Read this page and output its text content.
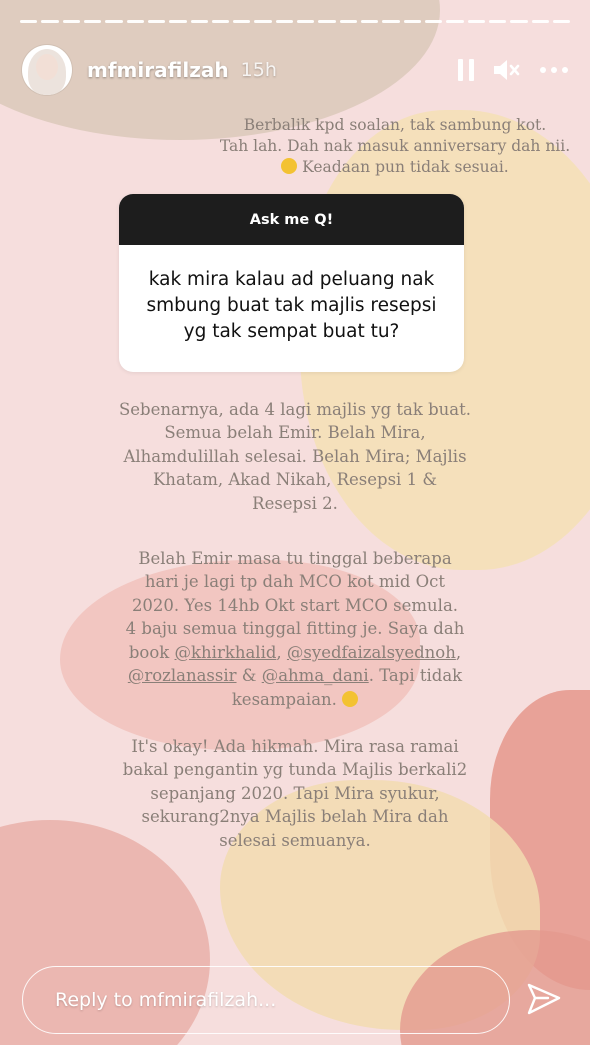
mfmirafilzah 15h
Berbalik kpd soalan, tak sambung kot.
Tah lah. Dah nak masuk anniversary dah nii.
Keadaan pun tidak sesuai.
Ask me Q!
kak mira kalau ad peluang nak
smbung buat tak majlis resepsi
yg tak sempat buat tu?
Sebenarnya, ada 4 lagi majlis yg tak buat.
Semua belah Emir. Belah Mira,
Alhamdulillah selesai. Belah Mira; Majlis
Khatam, Akad Nikah, Resepsi 1 &
Resepsi 2.
Belah Emir masa tu tinggal beberapa
hari je lagi tp dah MCO kot mid Oct
2020. Yes 14hb Okt start MCO semula.
4 baju semua tinggal fitting je. Saya dah
book @khirkhalid, @syedfaizalsyednoh,
@rozlanassir & @ahma_dani. Tapi tidak
kesampaian.
It's okay! Ada hikmah. Mira rasa ramai
bakal pengantin yg tunda Majlis berkali2
sepanjang 2020. Tapi Mira syukur,
sekurang2nya Majlis belah Mira dah
selesai semuanya.
Reply to mfmirafilzah...
